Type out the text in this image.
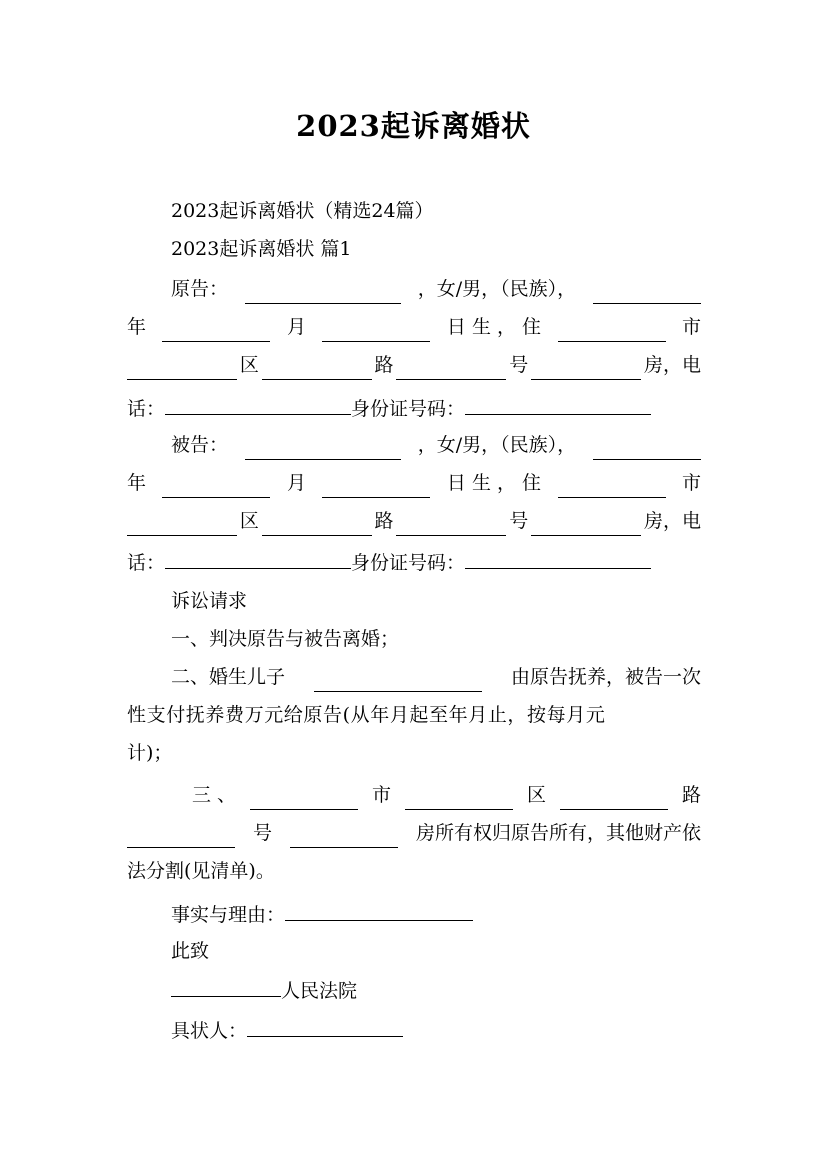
2023起诉离婚状
2023起诉离婚状（精选24篇）
2023起诉离婚状 篇1
原告：	，女/男，（民族），
年	月	日 生 ， 住	市
区	路	号	房，电
话：	身份证号码：
被告：	，女/男，（民族），
年	月	日 生 ， 住	市
区	路	号	房，电
话：	身份证号码：
诉讼请求
一、判决原告与被告离婚；
二、婚生儿子	由原告抚养，被告一次
性支付抚养费万元给原告(从年月起至年月止，按每月元
计)；
三 、	市	区	路
号	房所有权归原告所有，其他财产依
法分割(见清单)。
事实与理由：
此致
人民法院
具状人：
